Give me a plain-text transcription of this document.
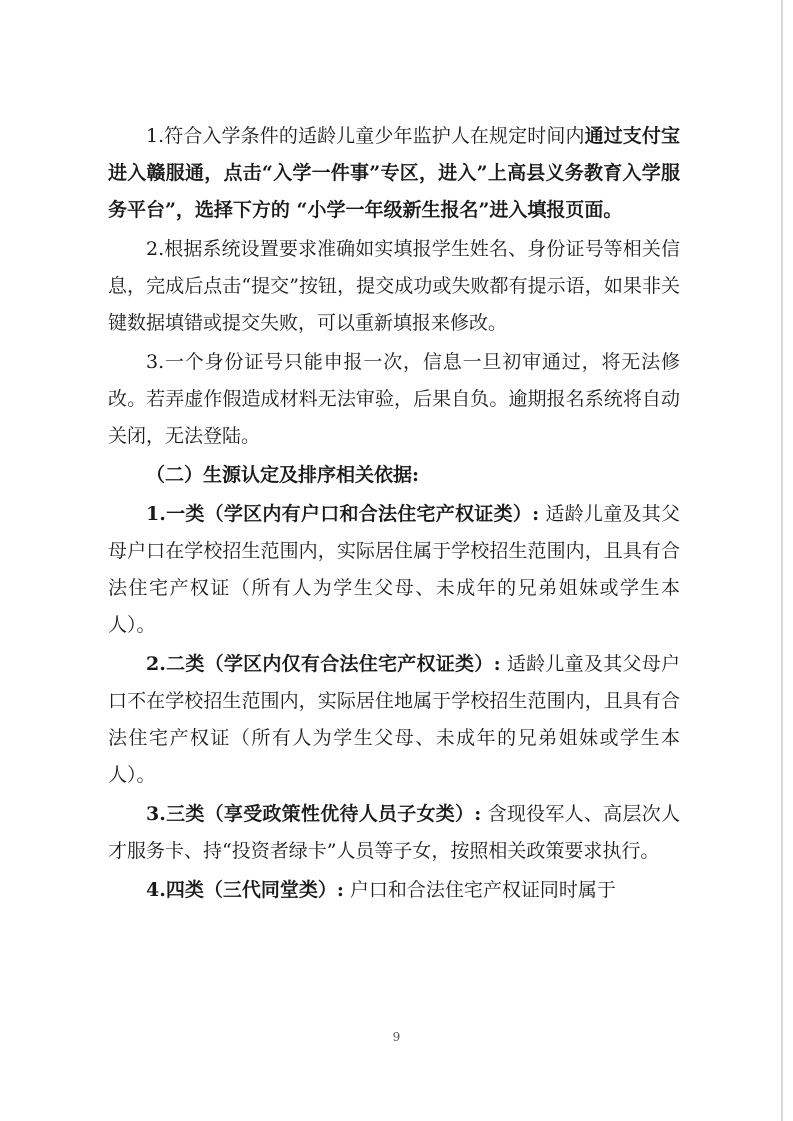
1.符合入学条件的适龄儿童少年监护人在规定时间内通过支付宝进入赣服通，点击“入学一件事”专区，进入”上高县义务教育入学服务平台”，选择下方的 “小学一年级新生报名”进入填报页面。

2.根据系统设置要求准确如实填报学生姓名、身份证号等相关信息，完成后点击“提交”按钮，提交成功或失败都有提示语，如果非关键数据填错或提交失败，可以重新填报来修改。

3.一个身份证号只能申报一次，信息一旦初审通过，将无法修改。若弄虚作假造成材料无法审验，后果自负。逾期报名系统将自动关闭，无法登陆。

（二）生源认定及排序相关依据:

1.一类（学区内有户口和合法住宅产权证类）: 适龄儿童及其父母户口在学校招生范围内，实际居住属于学校招生范围内，且具有合法住宅产权证（所有人为学生父母、未成年的兄弟姐妹或学生本人）。

2.二类（学区内仅有合法住宅产权证类）: 适龄儿童及其父母户口不在学校招生范围内，实际居住地属于学校招生范围内，且具有合法住宅产权证（所有人为学生父母、未成年的兄弟姐妹或学生本人）。

3.三类（享受政策性优待人员子女类）: 含现役军人、高层次人才服务卡、持“投资者绿卡”人员等子女，按照相关政策要求执行。

4.四类（三代同堂类）: 户口和合法住宅产权证同时属于

9
